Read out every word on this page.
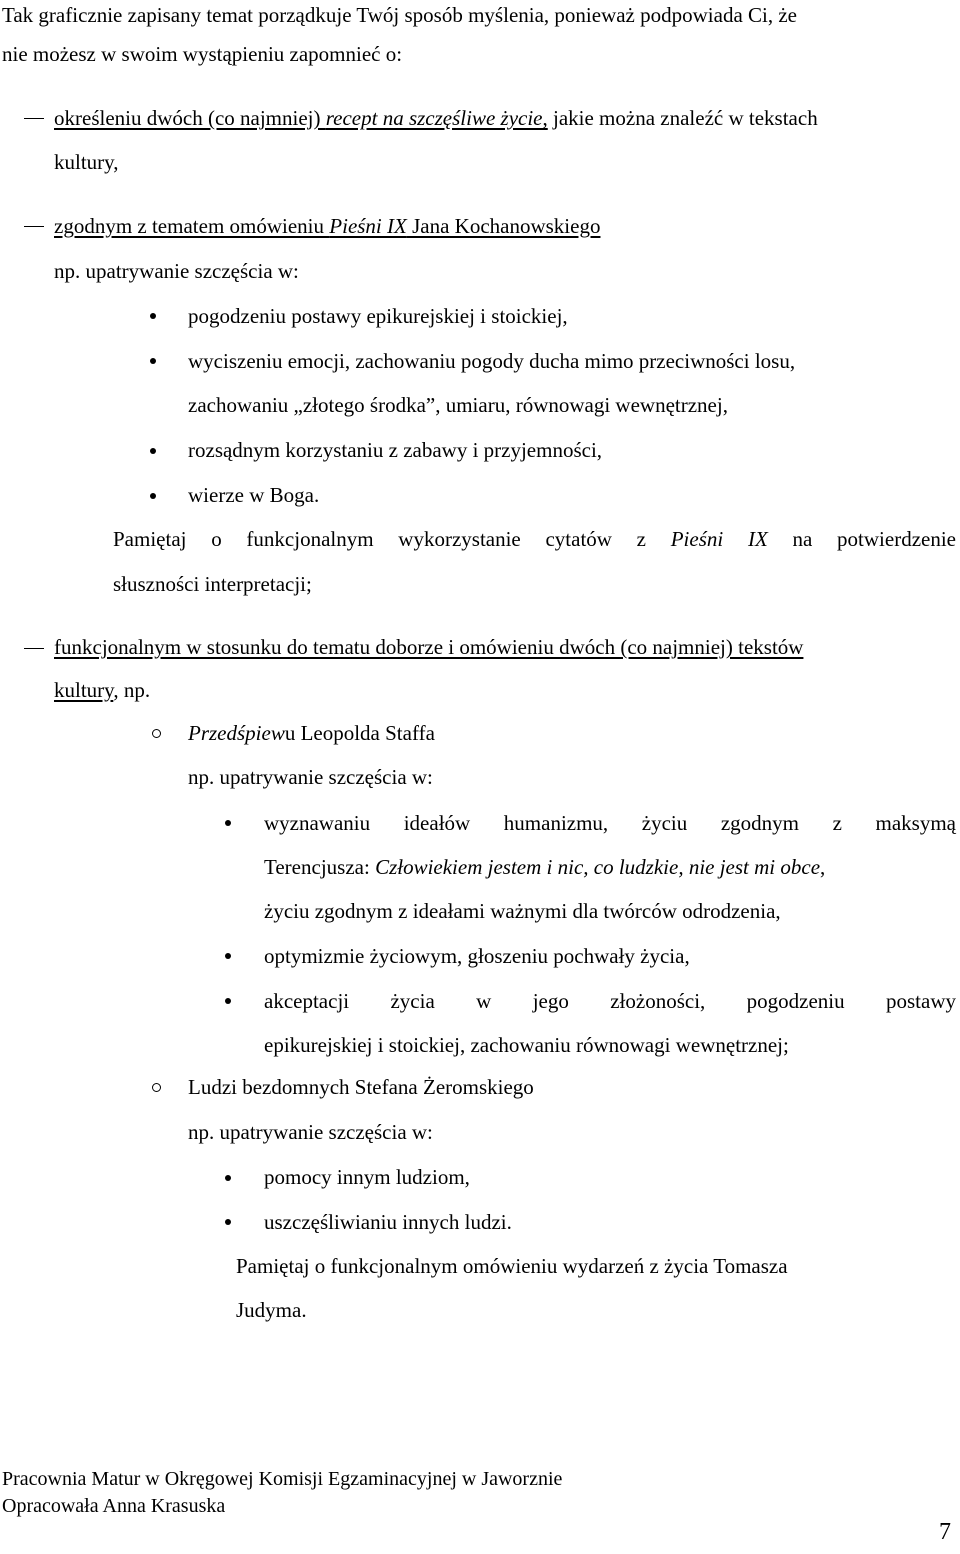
Tak graficznie zapisany temat porządkuje Twój sposób myślenia, ponieważ podpowiada Ci, że
nie możesz w swoim wystąpieniu zapomnieć o:
określeniu dwóch (co najmniej) recept na szczęśliwe życie, jakie można znaleźć w tekstach
kultury,
zgodnym z tematem omówieniu Pieśni IX Jana Kochanowskiego
np. upatrywanie szczęścia w:
pogodzeniu postawy epikurejskiej i stoickiej,
wyciszeniu emocji, zachowaniu pogody ducha mimo przeciwności losu,
zachowaniu „złotego środka”, umiaru, równowagi wewnętrznej,
rozsądnym korzystaniu z zabawy i przyjemności,
wierze w Boga.
Pamiętaj o funkcjonalnym wykorzystanie cytatów z Pieśni IX na potwierdzenie
słuszności interpretacji;
funkcjonalnym w stosunku do tematu doborze i omówieniu dwóch (co najmniej) tekstów
kultury, np.
Przedśpiewu Leopolda Staffa
np. upatrywanie szczęścia w:
wyznawaniu ideałów humanizmu, życiu zgodnym z maksymą
Terencjusza: Człowiekiem jestem i nic, co ludzkie, nie jest mi obce,
życiu zgodnym z ideałami ważnymi dla twórców odrodzenia,
optymizmie życiowym, głoszeniu pochwały życia,
akceptacji życia w jego złożoności, pogodzeniu postawy
epikurejskiej i stoickiej, zachowaniu równowagi wewnętrznej;
Ludzi bezdomnych Stefana Żeromskiego
np. upatrywanie szczęścia w:
pomocy innym ludziom,
uszczęśliwianiu innych ludzi.
Pamiętaj o funkcjonalnym omówieniu wydarzeń z życia Tomasza
Judyma.
Pracownia Matur w Okręgowej Komisji Egzaminacyjnej w Jaworznie
Opracowała Anna Krasuska
7
